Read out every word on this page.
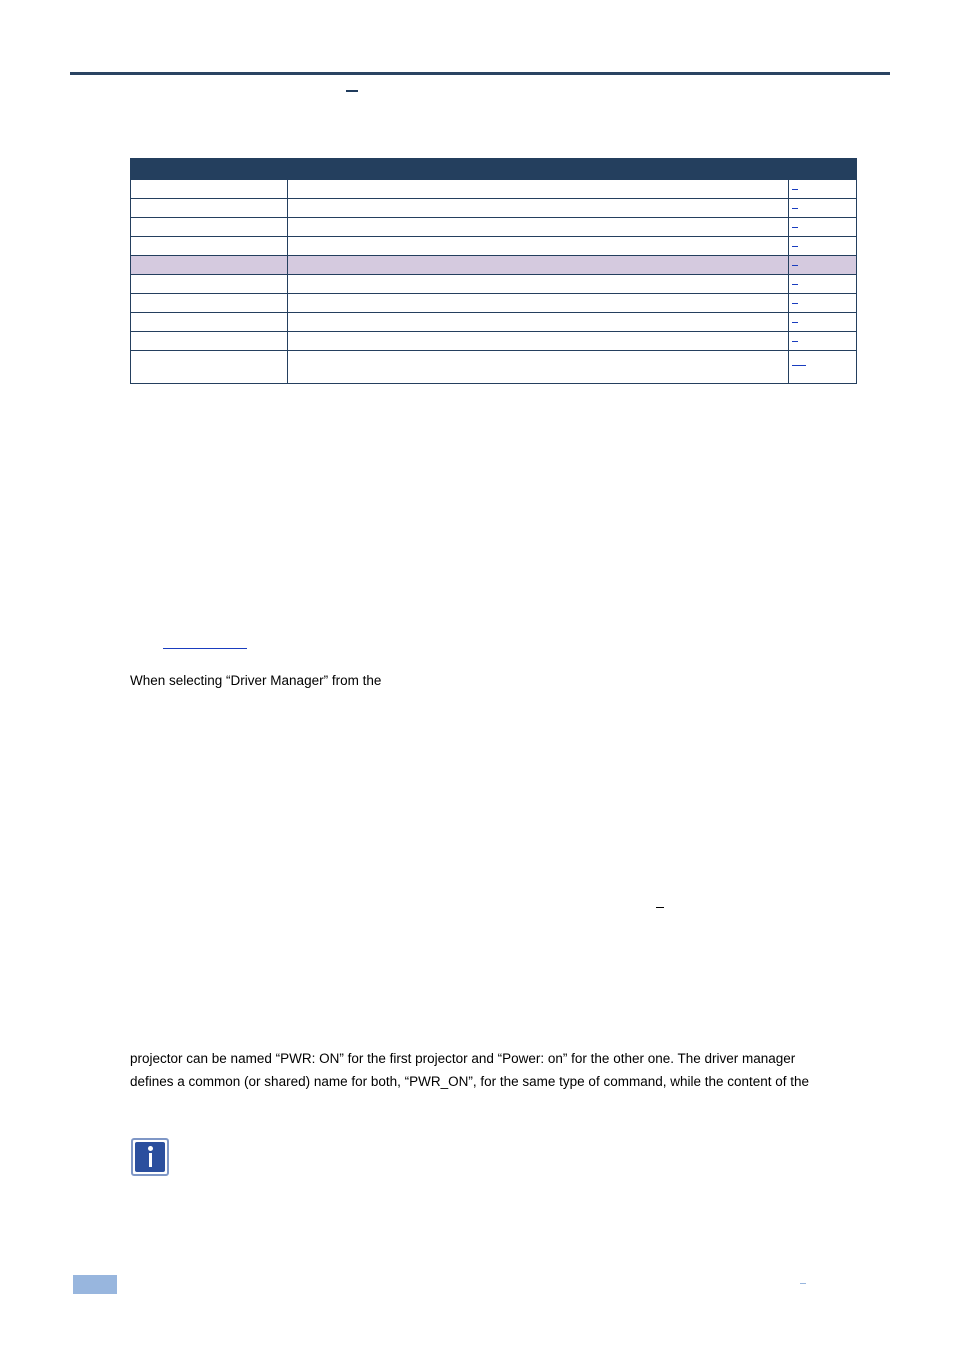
When selecting “Driver Manager” from the
projector can be named “PWR: ON” for the first projector and “Power: on” for the other one. The driver manager
defines a common (or shared) name for both, “PWR_ON”, for the same type of command, while the content of the
